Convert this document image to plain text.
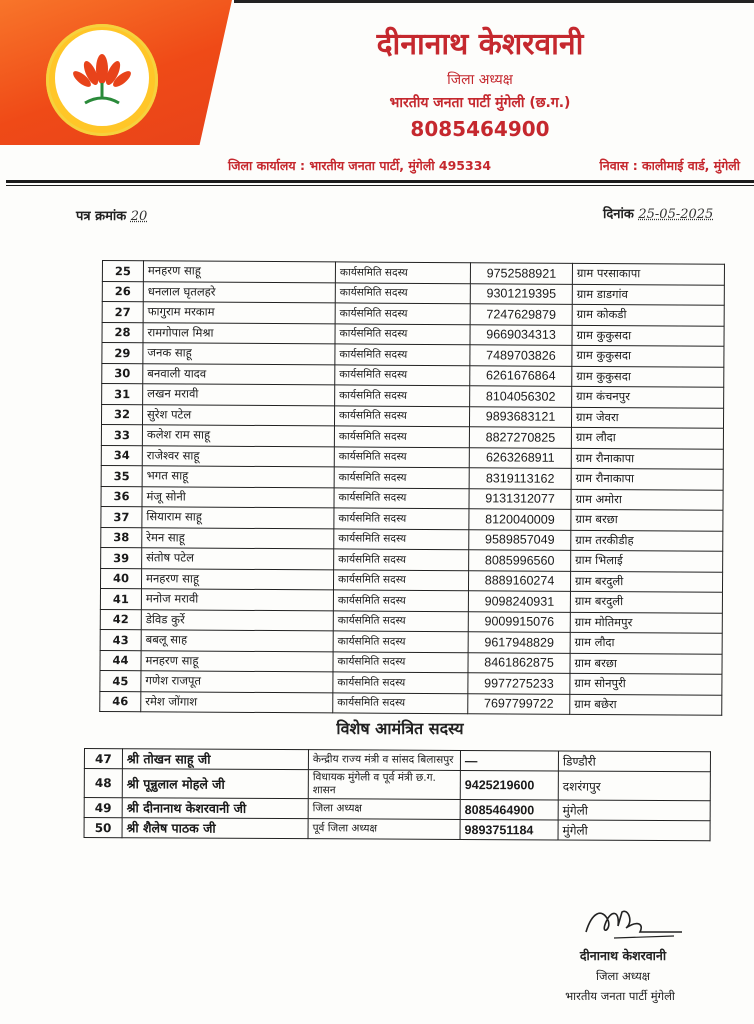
दीनानाथ केशरवानी
जिला अध्यक्ष
भारतीय जनता पार्टी मुंगेली (छ.ग.)
8085464900
जिला कार्यालय : भारतीय जनता पार्टी, मुंगेली 495334	निवास : कालीमाई वार्ड, मुंगेली
पत्र क्रमांक 20	दिनांक 25-05-2025
25	मनहरण साहू	कार्यसमिति सदस्य	9752588921	ग्राम परसाकापा
26	धनलाल घृतलहरे	कार्यसमिति सदस्य	9301219395	ग्राम डाडगांव
27	फागुराम मरकाम	कार्यसमिति सदस्य	7247629879	ग्राम कोकडी
28	रामगोपाल मिश्रा	कार्यसमिति सदस्य	9669034313	ग्राम कुकुसदा
29	जनक साहू	कार्यसमिति सदस्य	7489703826	ग्राम कुकुसदा
30	बनवाली यादव	कार्यसमिति सदस्य	6261676864	ग्राम कुकुसदा
31	लखन मरावी	कार्यसमिति सदस्य	8104056302	ग्राम कंचनपुर
32	सुरेश पटेल	कार्यसमिति सदस्य	9893683121	ग्राम जेवरा
33	कलेश राम साहू	कार्यसमिति सदस्य	8827270825	ग्राम लौदा
34	राजेश्वर साहू	कार्यसमिति सदस्य	6263268911	ग्राम रौनाकापा
35	भगत साहू	कार्यसमिति सदस्य	8319113162	ग्राम रौनाकापा
36	मंजू सोनी	कार्यसमिति सदस्य	9131312077	ग्राम अमोरा
37	सियाराम साहू	कार्यसमिति सदस्य	8120040009	ग्राम बरछा
38	रेमन साहू	कार्यसमिति सदस्य	9589857049	ग्राम तरकीडीह
39	संतोष पटेल	कार्यसमिति सदस्य	8085996560	ग्राम भिलाई
40	मनहरण साहू	कार्यसमिति सदस्य	8889160274	ग्राम बरदुली
41	मनोज मरावी	कार्यसमिति सदस्य	9098240931	ग्राम बरदुली
42	डेविड कुर्रे	कार्यसमिति सदस्य	9009915076	ग्राम मोतिमपुर
43	बबलू साह	कार्यसमिति सदस्य	9617948829	ग्राम लौदा
44	मनहरण साहू	कार्यसमिति सदस्य	8461862875	ग्राम बरछा
45	गणेश राजपूत	कार्यसमिति सदस्य	9977275233	ग्राम सोनपुरी
46	रमेश जोंगाश	कार्यसमिति सदस्य	7697799722	ग्राम बछेरा
विशेष आमंत्रित सदस्य
47	श्री तोखन साहू जी	केन्द्रीय राज्य मंत्री व सांसद बिलासपुर	—	डिण्डौरी
48	श्री पून्नुलाल मोहले जी	विधायक मुंगेली व पूर्व मंत्री छ.ग. शासन	9425219600	दशरंगपुर
49	श्री दीनानाथ केशरवानी जी	जिला अध्यक्ष	8085464900	मुंगेली
50	श्री शैलेष पाठक जी	पूर्व जिला अध्यक्ष	9893751184	मुंगेली
दीनानाथ केशरवानी
जिला अध्यक्ष
भारतीय जनता पार्टी मुंगेली
